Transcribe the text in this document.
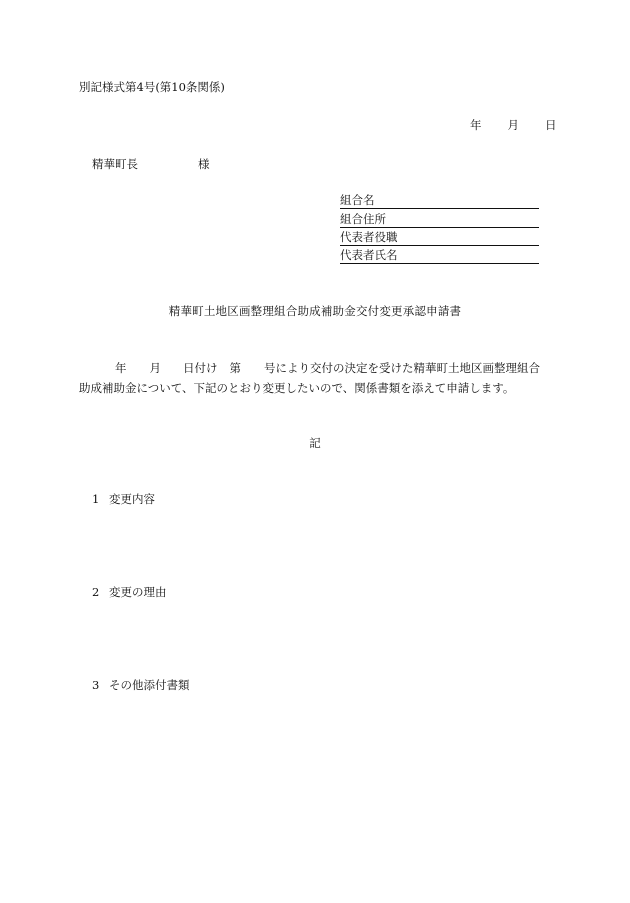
別記様式第4号(第10条関係)
年 月 日
精華町長	様
組合名
組合住所
代表者役職
代表者氏名
精華町土地区画整理組合助成補助金交付変更承認申請書
年 月 日付け 第 号により交付の決定を受けた精華町土地区画整理組合
助成補助金について、下記のとおり変更したいので、関係書類を添えて申請します。
記
1 変更内容
2 変更の理由
3 その他添付書類
